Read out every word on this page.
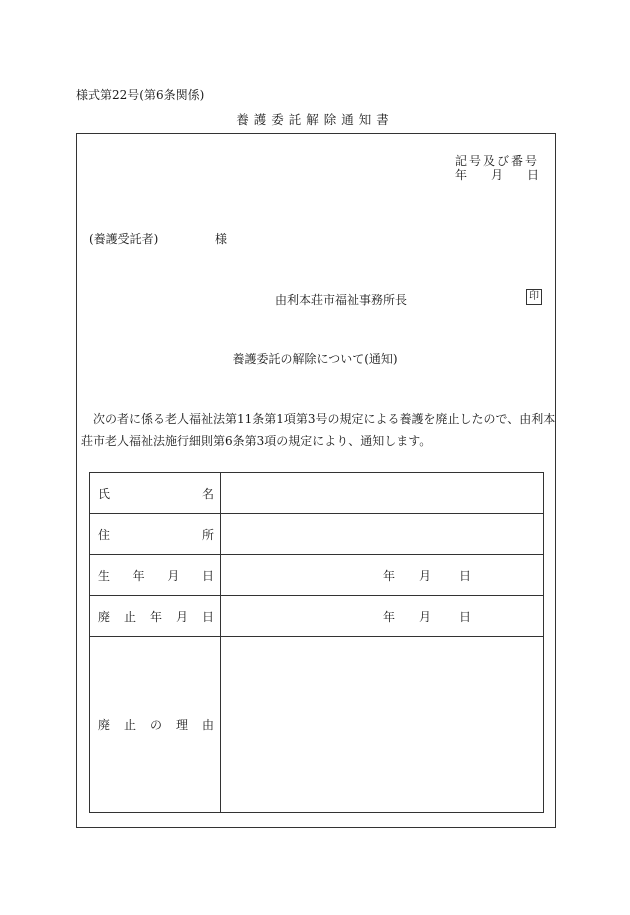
様式第22号(第6条関係)
養護委託解除通知書
記号及び番号
年 月 日
(養護受託者)	様
由利本荘市福祉事務所長	印
養護委託の解除について(通知)
次の者に係る老人福祉法第11条第1項第3号の規定による養護を廃止したので、由利本
荘市老人福祉法施行細則第6条第3項の規定により、通知します。
氏 名	

住 所	

生 年 月 日	年 月 日

廃 止 年 月 日	年 月 日

廃 止 の 理 由	
